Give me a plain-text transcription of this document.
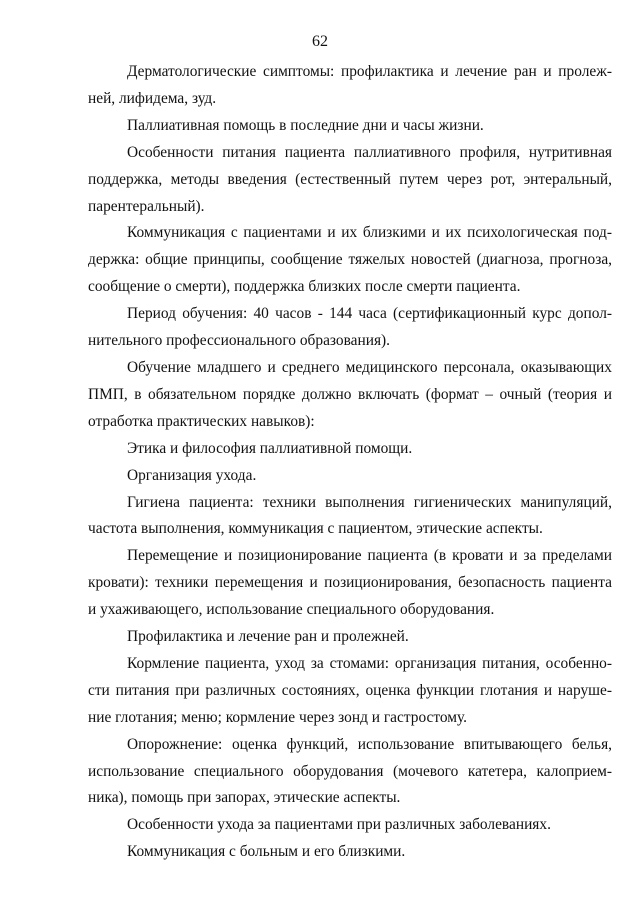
62

Дерматологические симптомы: профилактика и лечение ран и пролеж-
ней, лифидема, зуд.

Паллиативная помощь в последние дни и часы жизни.

Особенности питания пациента паллиативного профиля, нутритивная
поддержка, методы введения (естественный путем через рот, энтеральный,
парентеральный).

Коммуникация с пациентами и их близкими и их психологическая под-
держка: общие принципы, сообщение тяжелых новостей (диагноза, прогноза,
сообщение о смерти), поддержка близких после смерти пациента.

Период обучения: 40 часов - 144 часа (сертификационный курс допол-
нительного профессионального образования).

Обучение младшего и среднего медицинского персонала, оказывающих
ПМП, в обязательном порядке должно включать (формат – очный (теория и
отработка практических навыков):

Этика и философия паллиативной помощи.

Организация ухода.

Гигиена пациента: техники выполнения гигиенических манипуляций,
частота выполнения, коммуникация с пациентом, этические аспекты.

Перемещение и позиционирование пациента (в кровати и за пределами
кровати): техники перемещения и позиционирования, безопасность пациента
и ухаживающего, использование специального оборудования.

Профилактика и лечение ран и пролежней.

Кормление пациента, уход за стомами: организация питания, особенно-
сти питания при различных состояниях, оценка функции глотания и наруше-
ние глотания; меню; кормление через зонд и гастростому.

Опорожнение: оценка функций, использование впитывающего белья,
использование специального оборудования (мочевого катетера, калоприем-
ника), помощь при запорах, этические аспекты.

Особенности ухода за пациентами при различных заболеваниях.

Коммуникация с больным и его близкими.
